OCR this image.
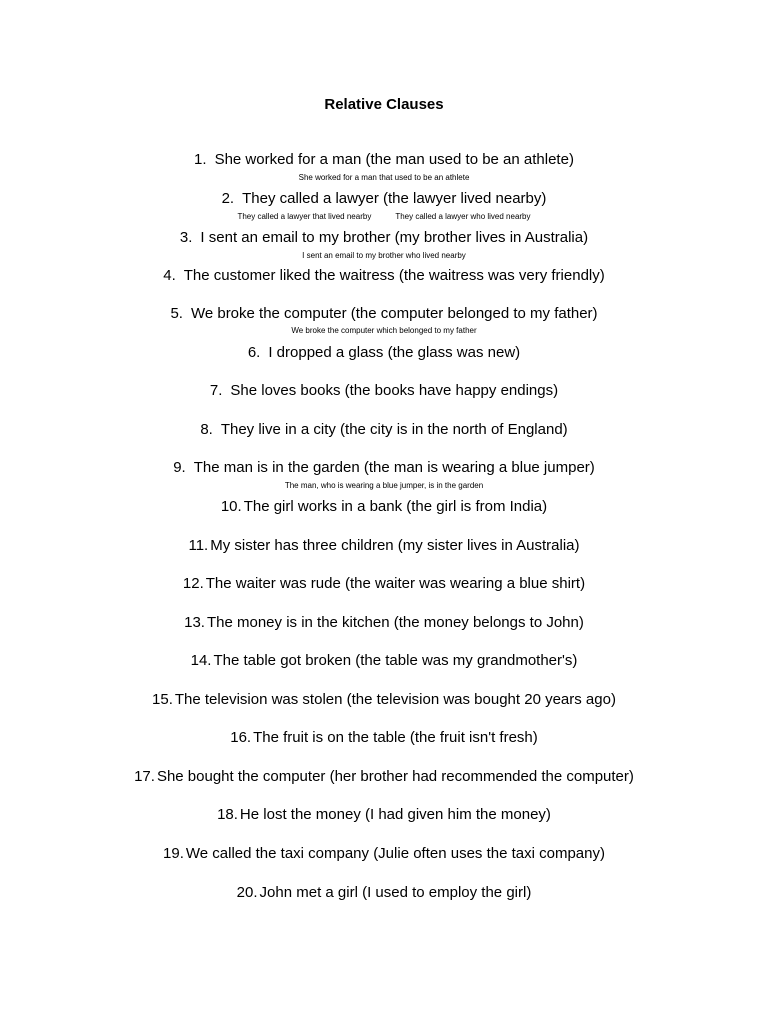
Relative Clauses
1. She worked for a man (the man used to be an athlete)
She worked for a man that used to be an athlete
2. They called a lawyer (the lawyer lived nearby)
They called a lawyer that lived nearby	They called a lawyer who lived nearby
3. I sent an email to my brother (my brother lives in Australia)
I sent an email to my brother who lived nearby
4. The customer liked the waitress (the waitress was very friendly)
5. We broke the computer (the computer belonged to my father)
We broke the computer which belonged to my father
6. I dropped a glass (the glass was new)
7. She loves books (the books have happy endings)
8. They live in a city (the city is in the north of England)
9. The man is in the garden (the man is wearing a blue jumper)
The man, who is wearing a blue jumper, is in the garden
10. The girl works in a bank (the girl is from India)
11. My sister has three children (my sister lives in Australia)
12. The waiter was rude (the waiter was wearing a blue shirt)
13. The money is in the kitchen (the money belongs to John)
14. The table got broken (the table was my grandmother's)
15. The television was stolen (the television was bought 20 years ago)
16. The fruit is on the table (the fruit isn't fresh)
17. She bought the computer (her brother had recommended the computer)
18. He lost the money (I had given him the money)
19. We called the taxi company (Julie often uses the taxi company)
20. John met a girl (I used to employ the girl)
